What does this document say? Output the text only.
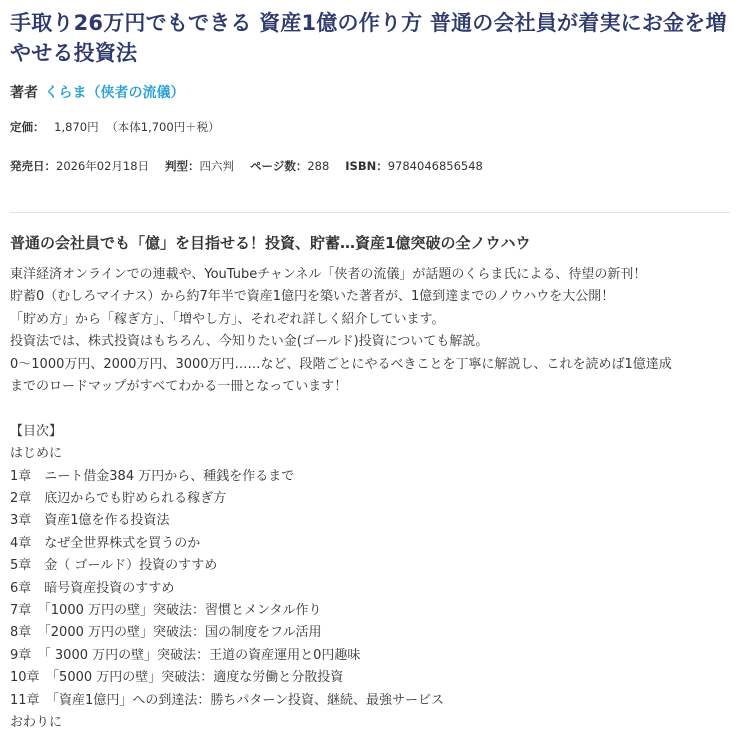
手取り26万円でもできる 資産1億の作り方 普通の会社員が着実にお金を増やせる投資法
著者 くらま（侠者の流儀）
定価： 1,870円 （本体1,700円＋税）
発売日：2026年02月18日 判型：四六判 ページ数：288 ISBN：9784046856548
普通の会社員でも「億」を目指せる！投資、貯蓄…資産1億突破の全ノウハウ
東洋経済オンラインでの連載や、YouTubeチャンネル「侠者の流儀」が話題のくらま氏による、待望の新刊！
貯蓄0（むしろマイナス）から約7年半で資産1億円を築いた著者が、1億到達までのノウハウを大公開！
「貯め方」から「稼ぎ方」、「増やし方」、それぞれ詳しく紹介しています。
投資法では、株式投資はもちろん、今知りたい金(ゴールド)投資についても解説。
0～1000万円、2000万円、3000万円……など、段階ごとにやるべきことを丁寧に解説し、これを読めば1億達成
までのロードマップがすべてわかる一冊となっています！
【目次】
はじめに
1章　ニート借金384 万円から、種銭を作るまで
2章　底辺からでも貯められる稼ぎ方
3章　資産1億を作る投資法
4章　なぜ全世界株式を買うのか
5章　金（ ゴールド）投資のすすめ
6章　暗号資産投資のすすめ
7章　「1000 万円の壁」突破法：習慣とメンタル作り
8章　「2000 万円の壁」突破法：国の制度をフル活用
9章　「 3000 万円の壁」突破法：王道の資産運用と0円趣味
10章　「5000 万円の壁」突破法：適度な労働と分散投資
11章　「資産1億円」への到達法：勝ちパターン投資、継続、最強サービス
おわりに
